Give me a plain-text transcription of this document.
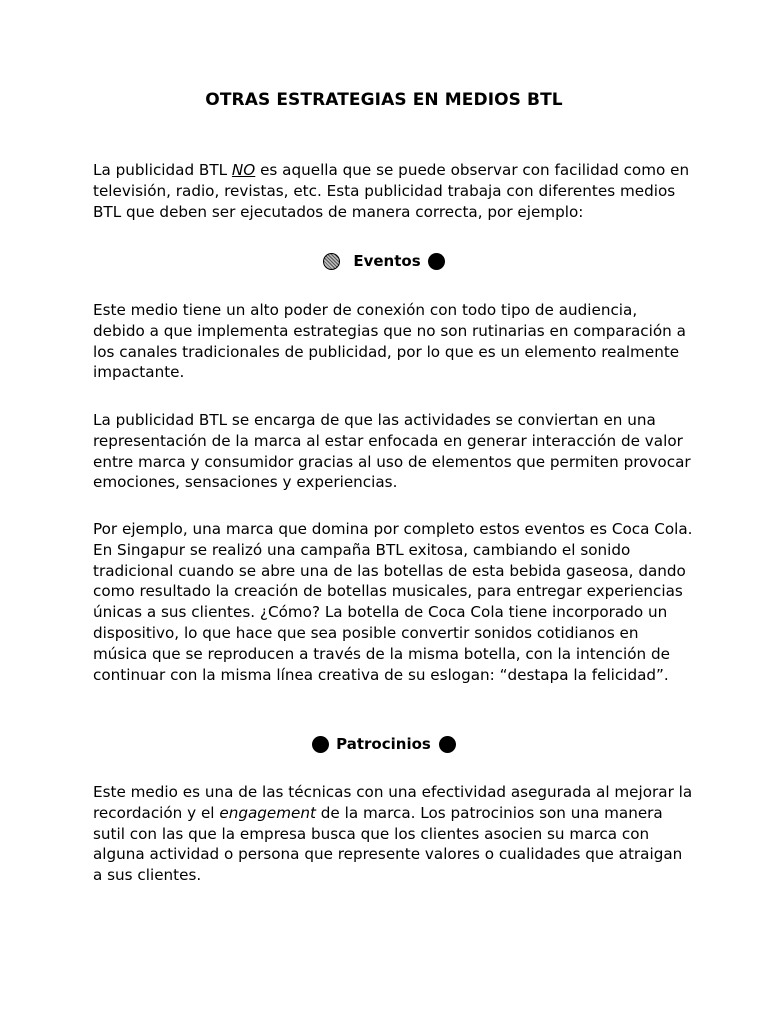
OTRAS ESTRATEGIAS EN MEDIOS BTL

La publicidad BTL NO es aquella que se puede observar con facilidad como en televisión, radio, revistas, etc. Esta publicidad trabaja con diferentes medios BTL que deben ser ejecutados de manera correcta, por ejemplo:

Eventos

Este medio tiene un alto poder de conexión con todo tipo de audiencia, debido a que implementa estrategias que no son rutinarias en comparación a los canales tradicionales de publicidad, por lo que es un elemento realmente impactante.

La publicidad BTL se encarga de que las actividades se conviertan en una representación de la marca al estar enfocada en generar interacción de valor entre marca y consumidor gracias al uso de elementos que permiten provocar emociones, sensaciones y experiencias.

Por ejemplo, una marca que domina por completo estos eventos es Coca Cola. En Singapur se realizó una campaña BTL exitosa, cambiando el sonido tradicional cuando se abre una de las botellas de esta bebida gaseosa, dando como resultado la creación de botellas musicales, para entregar experiencias únicas a sus clientes. ¿Cómo? La botella de Coca Cola tiene incorporado un dispositivo, lo que hace que sea posible convertir sonidos cotidianos en música que se reproducen a través de la misma botella, con la intención de continuar con la misma línea creativa de su eslogan: “destapa la felicidad”.

Patrocinios

Este medio es una de las técnicas con una efectividad asegurada al mejorar la recordación y el engagement de la marca. Los patrocinios son una manera sutil con las que la empresa busca que los clientes asocien su marca con alguna actividad o persona que represente valores o cualidades que atraigan a sus clientes.
